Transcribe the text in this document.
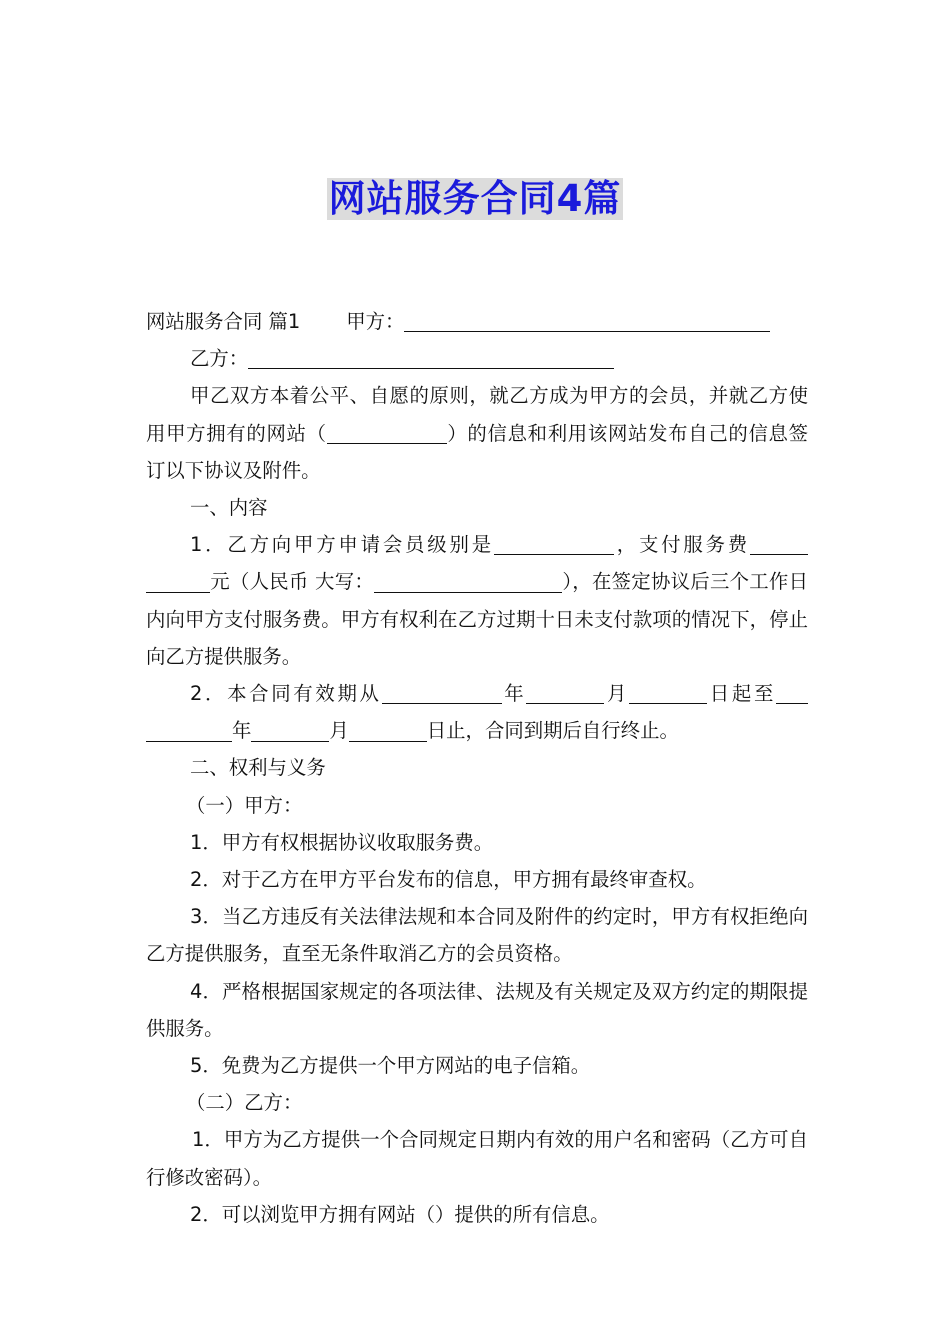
网站服务合同4篇

网站服务合同 篇1 甲方：

乙方：

甲乙双方本着公平、自愿的原则，就乙方成为甲方的会员，并就乙方使用甲方拥有的网站（	）的信息和利用该网站发布自己的信息签订以下协议及附件。

一、内容

1．乙方向甲方申请会员级别是	，支付服务费元（人民币 大写：	），在签定协议后三个工作日内向甲方支付服务费。甲方有权利在乙方过期十日未支付款项的情况下，停止向乙方提供服务。

2．本合同有效期从	年	月	日起至年	月	日止，合同到期后自行终止。

二、权利与义务

（一）甲方：

1．甲方有权根据协议收取服务费。

2．对于乙方在甲方平台发布的信息，甲方拥有最终审查权。

3．当乙方违反有关法律法规和本合同及附件的约定时，甲方有权拒绝向乙方提供服务，直至无条件取消乙方的会员资格。

4．严格根据国家规定的各项法律、法规及有关规定及双方约定的期限提供服务。

5．免费为乙方提供一个甲方网站的电子信箱。

（二）乙方：

1．甲方为乙方提供一个合同规定日期内有效的用户名和密码（乙方可自行修改密码）。

2．可以浏览甲方拥有网站（）提供的所有信息。
